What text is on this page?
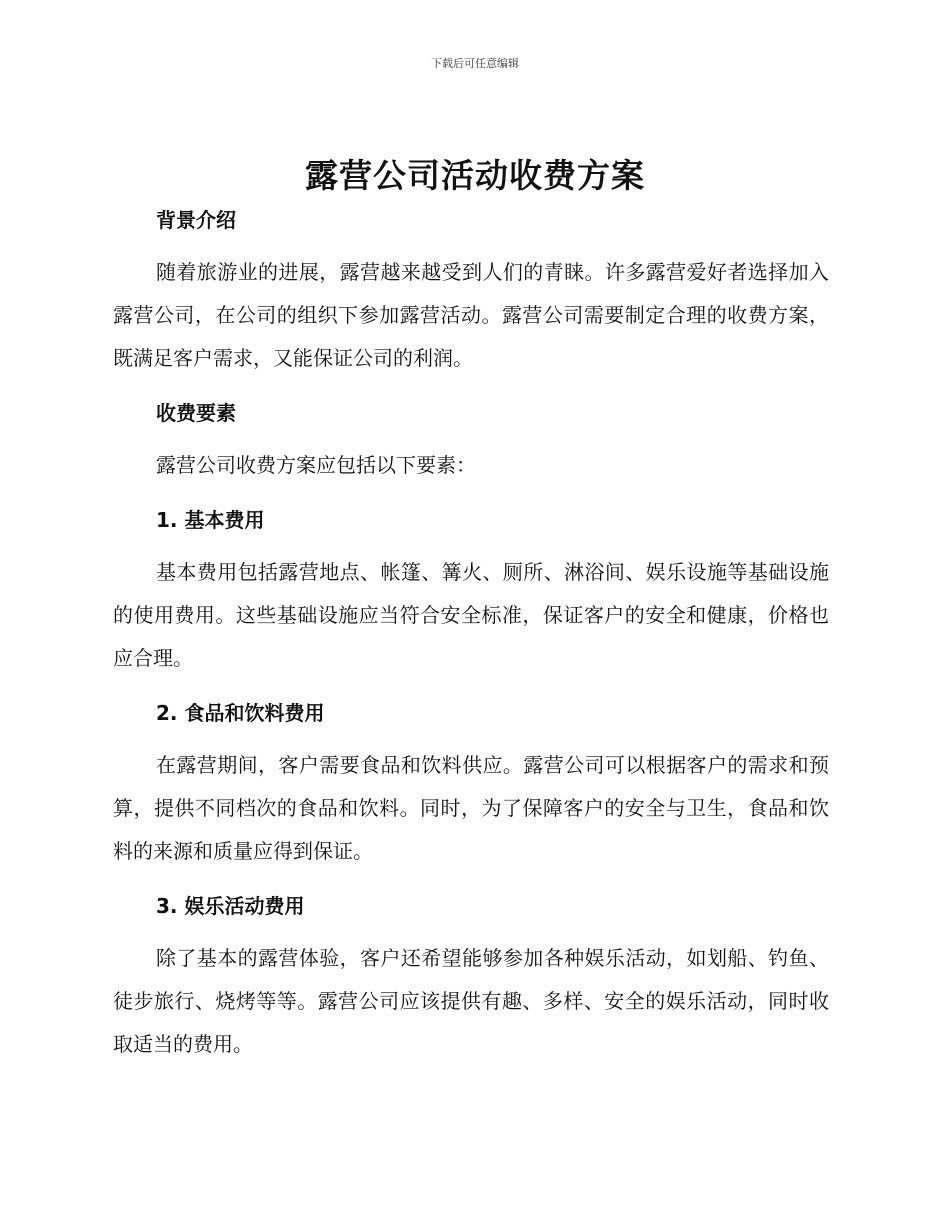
下载后可任意编辑
露营公司活动收费方案
背景介绍

随着旅游业的进展，露营越来越受到人们的青睐。许多露营爱好者选择加入露营公司，在公司的组织下参加露营活动。露营公司需要制定合理的收费方案，既满足客户需求，又能保证公司的利润。

收费要素

露营公司收费方案应包括以下要素：

1. 基本费用

基本费用包括露营地点、帐篷、篝火、厕所、淋浴间、娱乐设施等基础设施的使用费用。这些基础设施应当符合安全标准，保证客户的安全和健康，价格也应合理。

2. 食品和饮料费用

在露营期间，客户需要食品和饮料供应。露营公司可以根据客户的需求和预算，提供不同档次的食品和饮料。同时，为了保障客户的安全与卫生，食品和饮料的来源和质量应得到保证。

3. 娱乐活动费用

除了基本的露营体验，客户还希望能够参加各种娱乐活动，如划船、钓鱼、徒步旅行、烧烤等等。露营公司应该提供有趣、多样、安全的娱乐活动，同时收取适当的费用。
